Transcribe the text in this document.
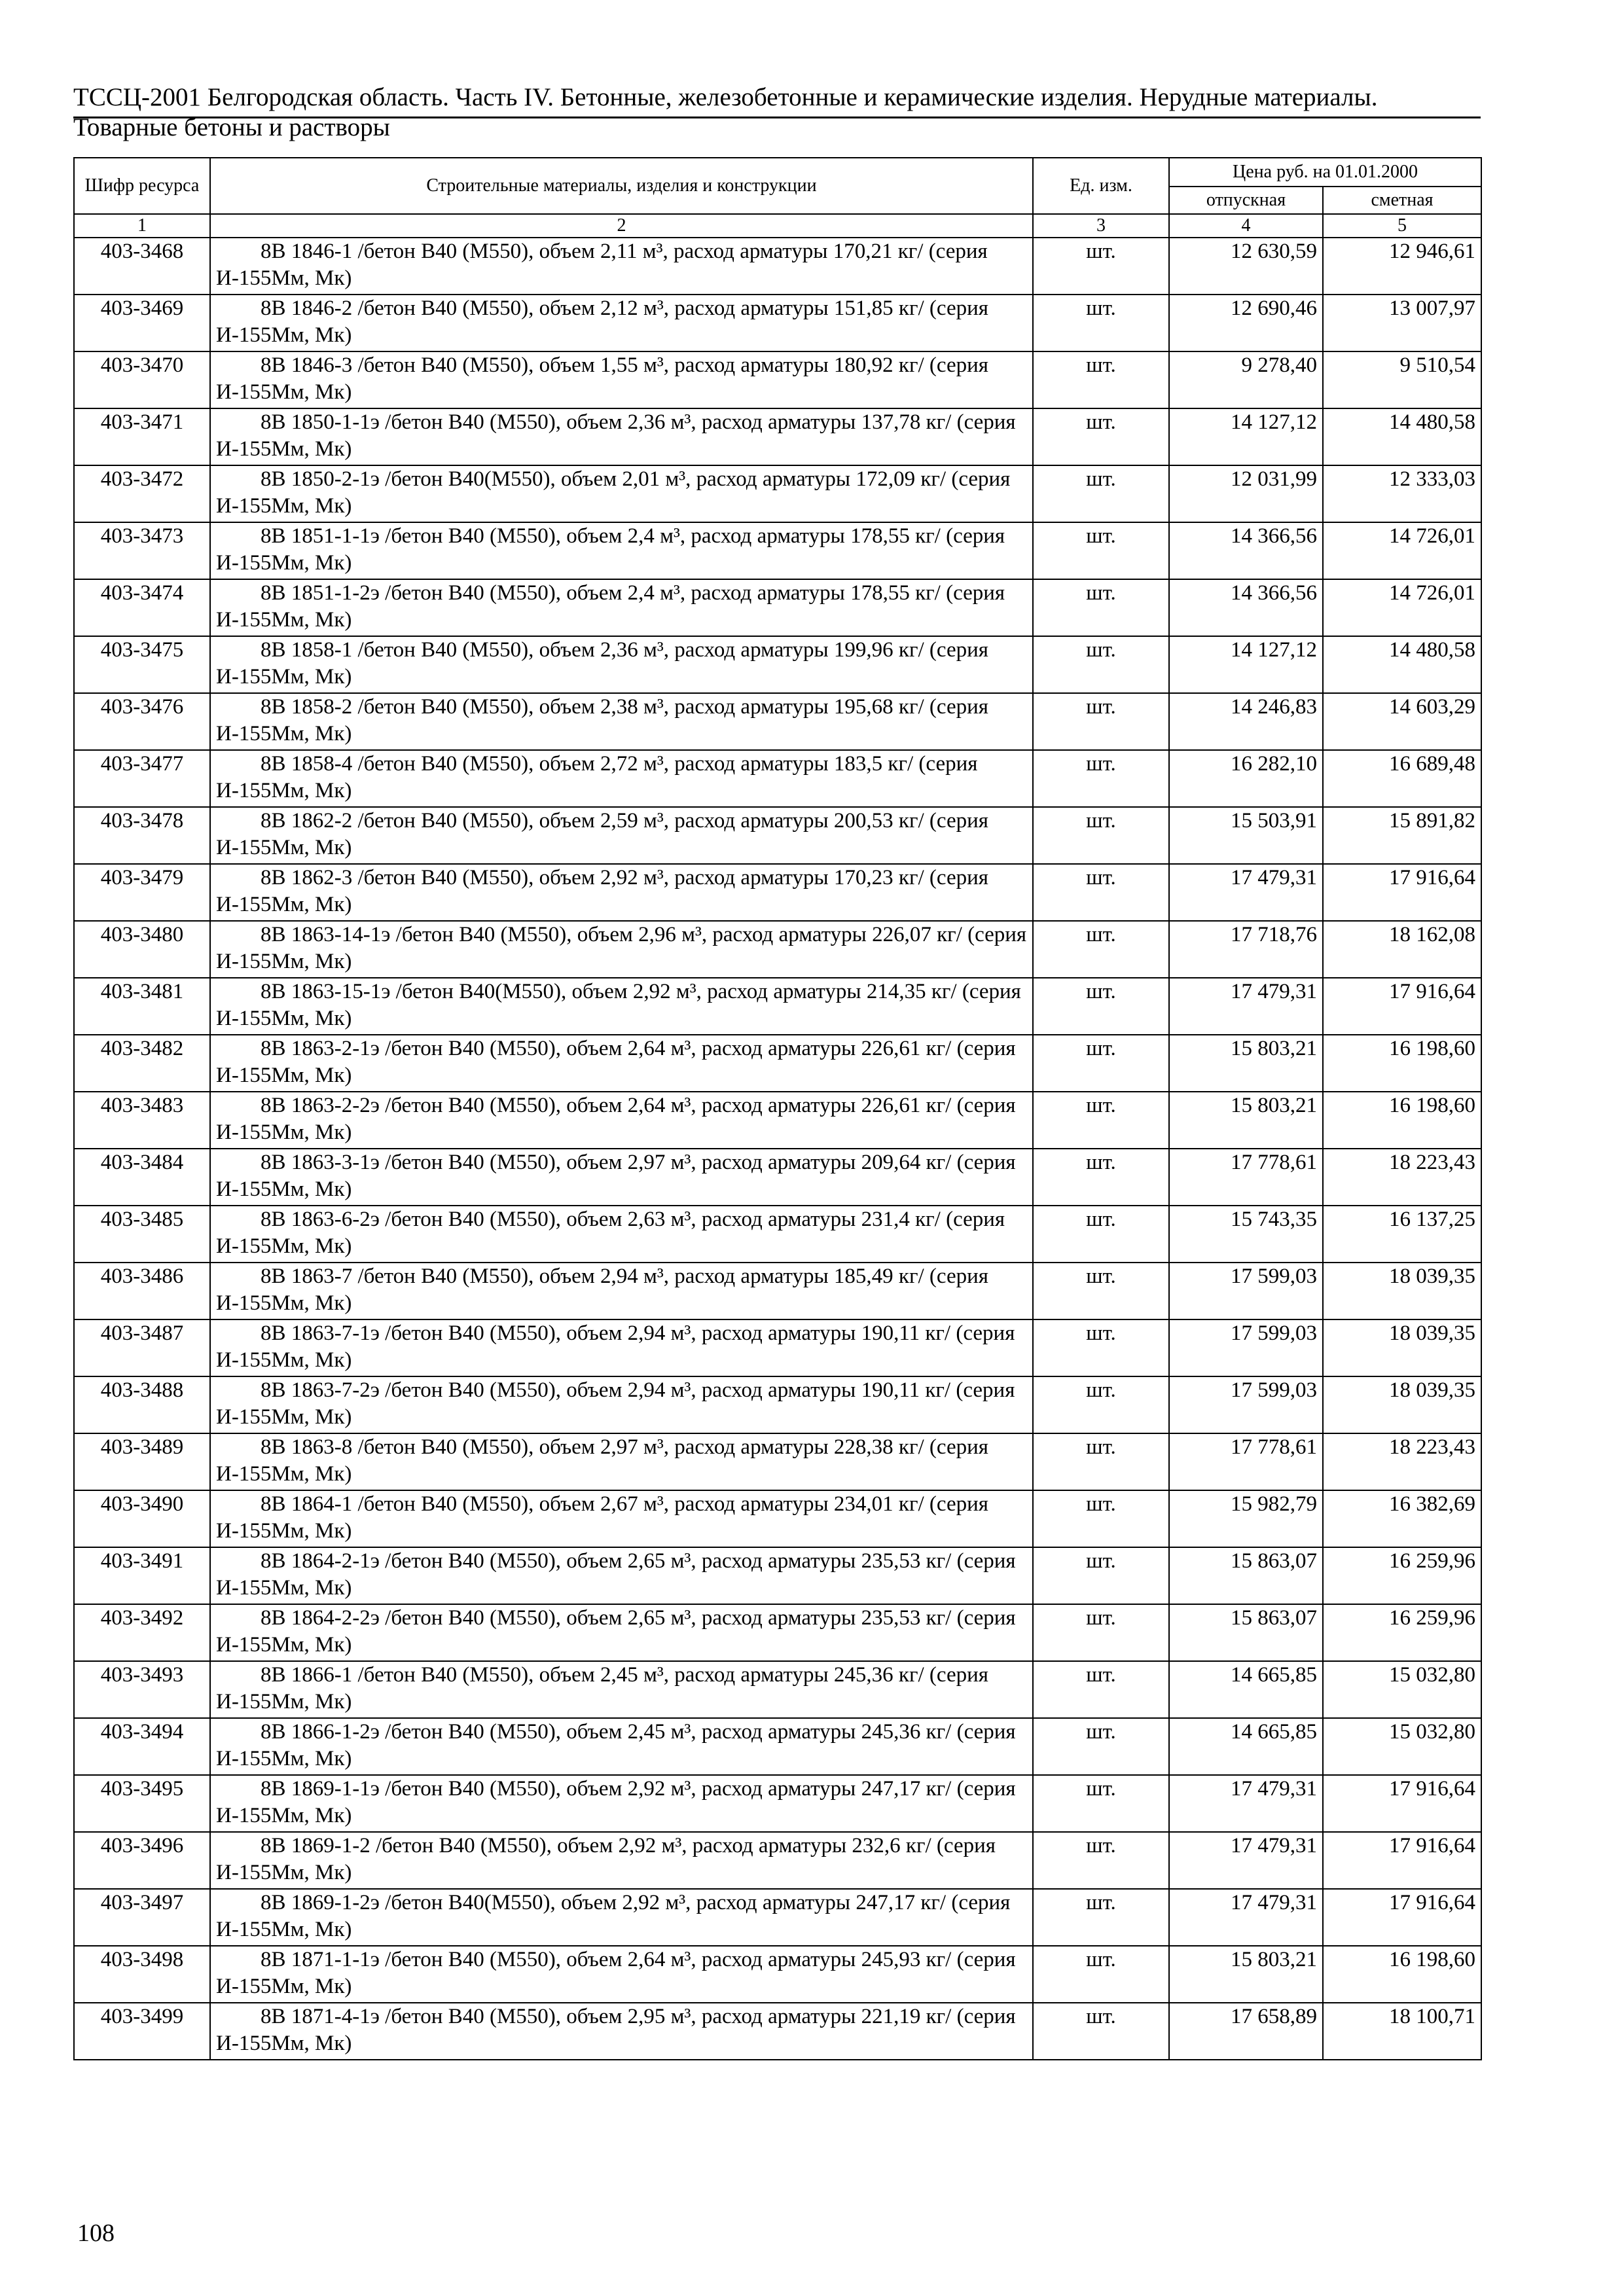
ТССЦ-2001 Белгородская область. Часть IV. Бетонные, железобетонные и керамические изделия. Нерудные материалы. Товарные бетоны и растворы
Шифр ресурса	Строительные материалы, изделия и конструкции	Ед. изм.	Цена руб. на 01.01.2000	
			отпускная	сметная
1	2	3	4	5
403-3468	8В 1846-1 /бетон В40 (М550), объем 2,11 м³, расход арматуры 170,21 кг/ (серия И-155Мм, Мк)	шт.	12 630,59	12 946,61
403-3469	8В 1846-2 /бетон В40 (М550), объем 2,12 м³, расход арматуры 151,85 кг/ (серия И-155Мм, Мк)	шт.	12 690,46	13 007,97
403-3470	8В 1846-3 /бетон В40 (М550), объем 1,55 м³, расход арматуры 180,92 кг/ (серия И-155Мм, Мк)	шт.	9 278,40	9 510,54
403-3471	8В 1850-1-1э /бетон В40 (М550), объем 2,36 м³, расход арматуры 137,78 кг/ (серия И-155Мм, Мк)	шт.	14 127,12	14 480,58
403-3472	8В 1850-2-1э /бетон В40(М550), объем 2,01 м³, расход арматуры 172,09 кг/ (серия И-155Мм, Мк)	шт.	12 031,99	12 333,03
403-3473	8В 1851-1-1э /бетон В40 (М550), объем 2,4 м³, расход арматуры 178,55 кг/ (серия И-155Мм, Мк)	шт.	14 366,56	14 726,01
403-3474	8В 1851-1-2э /бетон В40 (М550), объем 2,4 м³, расход арматуры 178,55 кг/ (серия И-155Мм, Мк)	шт.	14 366,56	14 726,01
403-3475	8В 1858-1 /бетон В40 (М550), объем 2,36 м³, расход арматуры 199,96 кг/ (серия И-155Мм, Мк)	шт.	14 127,12	14 480,58
403-3476	8В 1858-2 /бетон В40 (М550), объем 2,38 м³, расход арматуры 195,68 кг/ (серия И-155Мм, Мк)	шт.	14 246,83	14 603,29
403-3477	8В 1858-4 /бетон В40 (М550), объем 2,72 м³, расход арматуры 183,5 кг/ (серия И-155Мм, Мк)	шт.	16 282,10	16 689,48
403-3478	8В 1862-2 /бетон В40 (М550), объем 2,59 м³, расход арматуры 200,53 кг/ (серия И-155Мм, Мк)	шт.	15 503,91	15 891,82
403-3479	8В 1862-3 /бетон В40 (М550), объем 2,92 м³, расход арматуры 170,23 кг/ (серия И-155Мм, Мк)	шт.	17 479,31	17 916,64
403-3480	8В 1863-14-1э /бетон В40 (М550), объем 2,96 м³, расход арматуры 226,07 кг/ (серия И-155Мм, Мк)	шт.	17 718,76	18 162,08
403-3481	8В 1863-15-1э /бетон В40(М550), объем 2,92 м³, расход арматуры 214,35 кг/ (серия И-155Мм, Мк)	шт.	17 479,31	17 916,64
403-3482	8В 1863-2-1э /бетон В40 (М550), объем 2,64 м³, расход арматуры 226,61 кг/ (серия И-155Мм, Мк)	шт.	15 803,21	16 198,60
403-3483	8В 1863-2-2э /бетон В40 (М550), объем 2,64 м³, расход арматуры 226,61 кг/ (серия И-155Мм, Мк)	шт.	15 803,21	16 198,60
403-3484	8В 1863-3-1э /бетон В40 (М550), объем 2,97 м³, расход арматуры 209,64 кг/ (серия И-155Мм, Мк)	шт.	17 778,61	18 223,43
403-3485	8В 1863-6-2э /бетон В40 (М550), объем 2,63 м³, расход арматуры 231,4 кг/ (серия И-155Мм, Мк)	шт.	15 743,35	16 137,25
403-3486	8В 1863-7 /бетон В40 (М550), объем 2,94 м³, расход арматуры 185,49 кг/ (серия И-155Мм, Мк)	шт.	17 599,03	18 039,35
403-3487	8В 1863-7-1э /бетон В40 (М550), объем 2,94 м³, расход арматуры 190,11 кг/ (серия И-155Мм, Мк)	шт.	17 599,03	18 039,35
403-3488	8В 1863-7-2э /бетон В40 (М550), объем 2,94 м³, расход арматуры 190,11 кг/ (серия И-155Мм, Мк)	шт.	17 599,03	18 039,35
403-3489	8В 1863-8 /бетон В40 (М550), объем 2,97 м³, расход арматуры 228,38 кг/ (серия И-155Мм, Мк)	шт.	17 778,61	18 223,43
403-3490	8В 1864-1 /бетон В40 (М550), объем 2,67 м³, расход арматуры 234,01 кг/ (серия И-155Мм, Мк)	шт.	15 982,79	16 382,69
403-3491	8В 1864-2-1э /бетон В40 (М550), объем 2,65 м³, расход арматуры 235,53 кг/ (серия И-155Мм, Мк)	шт.	15 863,07	16 259,96
403-3492	8В 1864-2-2э /бетон В40 (М550), объем 2,65 м³, расход арматуры 235,53 кг/ (серия И-155Мм, Мк)	шт.	15 863,07	16 259,96
403-3493	8В 1866-1 /бетон В40 (М550), объем 2,45 м³, расход арматуры 245,36 кг/ (серия И-155Мм, Мк)	шт.	14 665,85	15 032,80
403-3494	8В 1866-1-2э /бетон В40 (М550), объем 2,45 м³, расход арматуры 245,36 кг/ (серия И-155Мм, Мк)	шт.	14 665,85	15 032,80
403-3495	8В 1869-1-1э /бетон В40 (М550), объем 2,92 м³, расход арматуры 247,17 кг/ (серия И-155Мм, Мк)	шт.	17 479,31	17 916,64
403-3496	8В 1869-1-2 /бетон В40 (М550), объем 2,92 м³, расход арматуры 232,6 кг/ (серия И-155Мм, Мк)	шт.	17 479,31	17 916,64
403-3497	8В 1869-1-2э /бетон В40(М550), объем 2,92 м³, расход арматуры 247,17 кг/ (серия И-155Мм, Мк)	шт.	17 479,31	17 916,64
403-3498	8В 1871-1-1э /бетон В40 (М550), объем 2,64 м³, расход арматуры 245,93 кг/ (серия И-155Мм, Мк)	шт.	15 803,21	16 198,60
403-3499	8В 1871-4-1э /бетон В40 (М550), объем 2,95 м³, расход арматуры 221,19 кг/ (серия И-155Мм, Мк)	шт.	17 658,89	18 100,71
108
